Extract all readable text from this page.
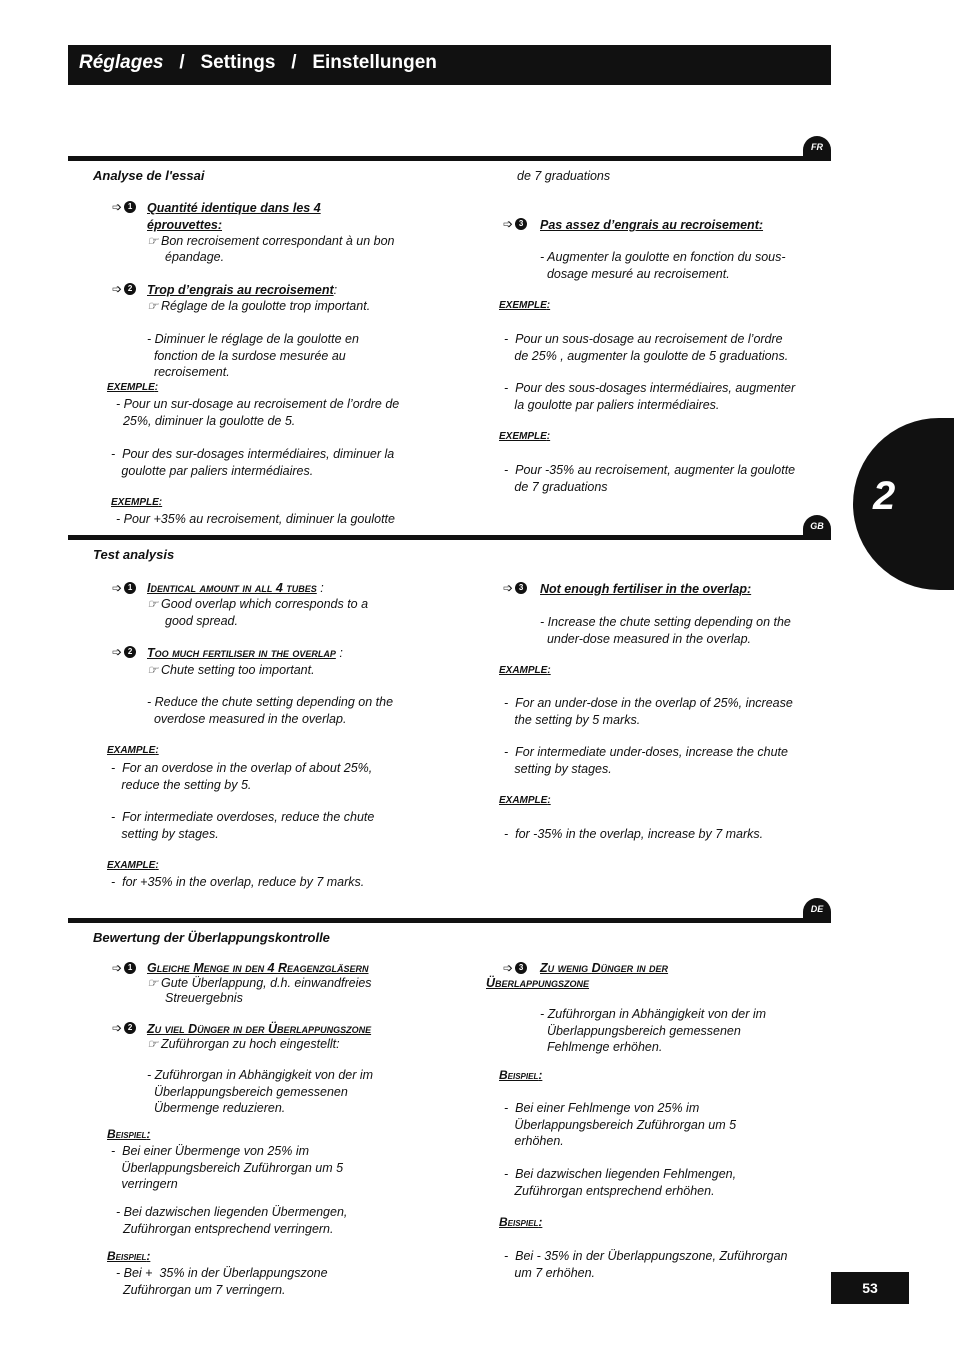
Réglages   /   Settings   /   Einstellungen
FR
Analyse de l'essai
➩ 1	Quantité identique dans les 4
éprouvettes:
☞ Bon recroisement correspondant à un bon
épandage.
➩ 2	Trop d’engrais au recroisement:
☞ Réglage de la goulotte trop important.
- Diminuer le réglage de la goulotte en
fonction de la surdose mesurée au
recroisement.
EXEMPLE:
- Pour un sur-dosage au recroisement de l’ordre de
25%, diminuer la goulotte de 5.
-  Pour des sur-dosages intermédiaires, diminuer la
goulotte par paliers intermédiaires.
EXEMPLE:
- Pour +35% au recroisement, diminuer la goulotte
de 7 graduations
➩ 3	Pas assez d’engrais au recroisement:
- Augmenter la goulotte en fonction du sous-
dosage mesuré au recroisement.
EXEMPLE:
-  Pour un sous-dosage au recroisement de l’ordre
de 25% , augmenter la goulotte de 5 graduations.
-  Pour des sous-dosages intermédiaires, augmenter
la goulotte par paliers intermédiaires.
EXEMPLE:
-  Pour -35% au recroisement, augmenter la goulotte
de 7 graduations
GB
Test analysis
➩ 1	Identical amount in all 4 tubes :
☞ Good overlap which corresponds to a
good spread.
➩ 2	Too much fertiliser in the overlap :
☞ Chute setting too important.
- Reduce the chute setting depending on the
overdose measured in the overlap.
EXAMPLE:
-  For an overdose in the overlap of about 25%,
reduce the setting by 5.
-  For intermediate overdoses, reduce the chute
setting by stages.
EXAMPLE:
-  for +35% in the overlap, reduce by 7 marks.
➩ 3	Not enough fertiliser in the overlap:
- Increase the chute setting depending on the
under-dose measured in the overlap.
EXAMPLE:
-  For an under-dose in the overlap of 25%, increase
the setting by 5 marks.
-  For intermediate under-doses, increase the chute
setting by stages.
EXAMPLE:
-  for -35% in the overlap, increase by 7 marks.
DE
Bewertung der Überlappungskontrolle
➩ 1	Gleiche Menge in den 4 Reagenzgläsern
☞ Gute Überlappung, d.h. einwandfreies
Streuergebnis
➩ 2	Zu viel Dünger in der Überlappungszone
☞ Zuführorgan zu hoch eingestellt:
- Zuführorgan in Abhängigkeit von der im
Überlappungsbereich gemessenen
Übermenge reduzieren.
Beispiel:
-  Bei einer Übermenge von 25% im
Überlappungsbereich Zuführorgan um 5
verringern
- Bei dazwischen liegenden Übermengen,
Zuführorgan entsprechend verringern.
Beispiel:
- Bei +  35% in der Überlappungszone
Zuführorgan um 7 verringern.
➩ 3	Zu wenig Dünger in der
Überlappungszone
- Zuführorgan in Abhängigkeit von der im
Überlappungsbereich gemessenen
Fehlmenge erhöhen.
Beispiel:
-  Bei einer Fehlmenge von 25% im
Überlappungsbereich Zuführorgan um 5
erhöhen.
-  Bei dazwischen liegenden Fehlmengen,
Zuführorgan entsprechend erhöhen.
Beispiel:
-  Bei - 35% in der Überlappungszone, Zuführorgan
um 7 erhöhen.
2
53
